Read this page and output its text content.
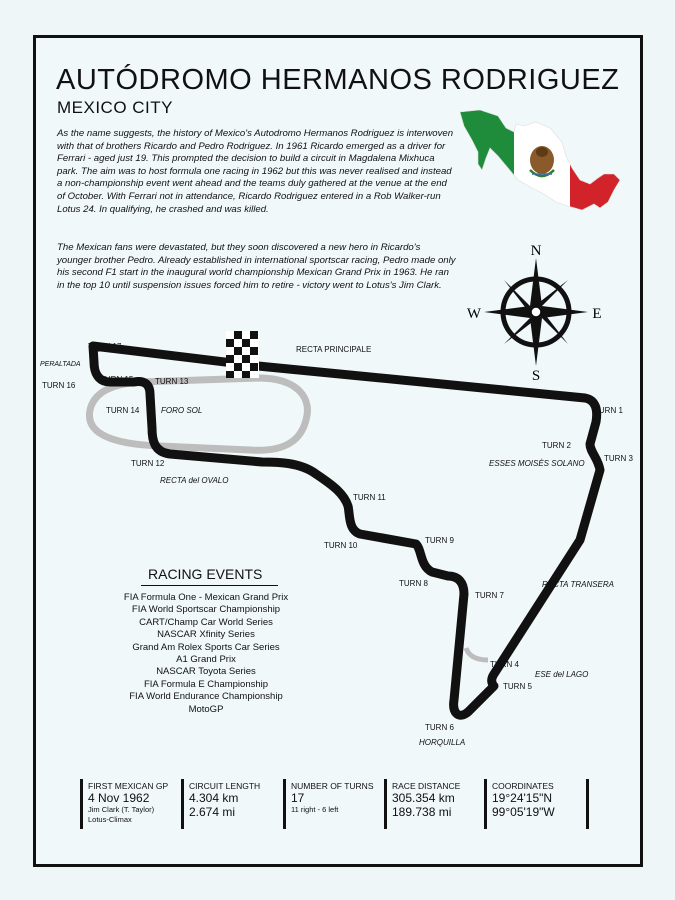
AUTÓDROMO HERMANOS RODRIGUEZ
MEXICO CITY
As the name suggests, the history of Mexico's Autodromo Hermanos Rodriguez is interwoven with that of brothers Ricardo and Pedro Rodriguez. In 1961 Ricardo emerged as a driver for Ferrari - aged just 19. This prompted the decision to build a circuit in Magdalena Mixhuca park. The aim was to host formula one racing in 1962 but this was never realised and instead a non-championship event went ahead and the teams duly gathered at the venue at the end of October. With Ferrari not in attendance, Ricardo Rodriguez entered in a Rob Walker-run Lotus 24. In qualifying, he crashed and was killed.
The Mexican fans were devastated, but they soon discovered a new hero in Ricardo's younger brother Pedro. Already established in international sportscar racing, Pedro made only his second F1 start in the inaugural world championship Mexican Grand Prix in 1963. He ran in the top 10 until suspension issues forced him to retire - victory went to Lotus's Jim Clark.
N
S
E
W
TURN 17
PERALTADA
TURN 16
TURN 15	TURN 13
TURN 14	FORO SOL
RECTA PRINCIPALE
TURN 12
RECTA del OVALO
TURN 1
TURN 2
TURN 3
ESSES MOISÈS SOLANO
TURN 11
TURN 10
TURN 9
TURN 8
TURN 7
RECTA TRANSERA
TURN 4
ESE del LAGO
TURN 5
TURN 6
HORQUILLA
RACING EVENTS
FIA Formula One - Mexican Grand Prix
FIA World Sportscar Championship
CART/Champ Car World Series
NASCAR Xfinity Series
Grand Am Rolex Sports Car Series
A1 Grand Prix
NASCAR Toyota Series
FIA Formula E Championship
FIA World Endurance Championship
MotoGP
FIRST MEXICAN GP
4 Nov 1962
Jim Clark (T. Taylor)
Lotus-Climax
CIRCUIT LENGTH
4.304 km
2.674 mi
NUMBER OF TURNS
17
11 right - 6 left
RACE DISTANCE
305.354 km
189.738 mi
COORDINATES
19°24'15"N
99°05'19"W
